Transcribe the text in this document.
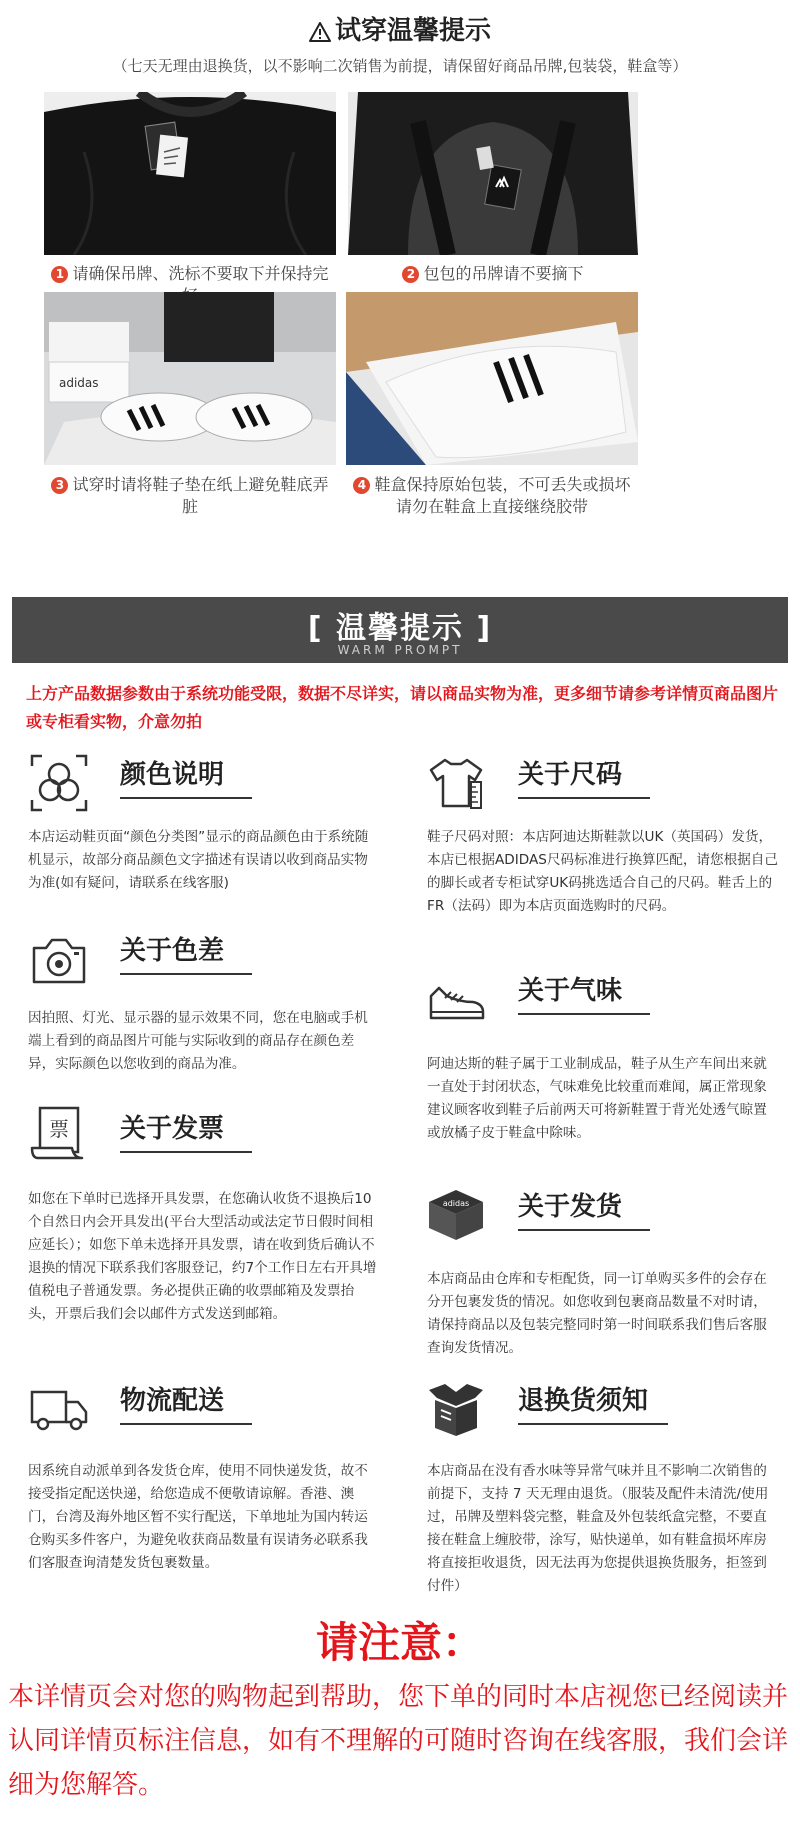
试穿温馨提示
（七天无理由退换货，以不影响二次销售为前提，请保留好商品吊牌,包装袋，鞋盒等）
1 请确保吊牌、洗标不要取下并保持完	2 包包的吊牌请不要摘下
adidas
3 试穿时请将鞋子垫在纸上避免鞋底弄脏
4 鞋盒保持原始包装，不可丢失或损坏
请勿在鞋盒上直接继绕胶带
[ 温馨提示 ]
WARM PROMPT
上方产品数据参数由于系统功能受限，数据不尽详实，请以商品实物为准，更多细节请参考详情页商品图片或专柜看实物，介意勿拍
颜色说明
本店运动鞋页面“颜色分类图”显示的商品颜色由于系统随机显示，故部分商品颜色文字描述有误请以收到商品实物为准(如有疑问，请联系在线客服)
关于色差
因拍照、灯光、显示器的显示效果不同，您在电脑或手机端上看到的商品图片可能与实际收到的商品存在颜色差异，实际颜色以您收到的商品为准。
票 关于发票
如您在下单时已选择开具发票，在您确认收货不退换后10个自然日内会开具发出(平台大型活动或法定节日假时间相应延长）；如您下单未选择开具发票，请在收到货后确认不退换的情况下联系我们客服登记，约7个工作日左右开具增值税电子普通发票。务必提供正确的收票邮箱及发票抬头，开票后我们会以邮件方式发送到邮箱。
物流配送
因系统自动派单到各发货仓库，使用不同快递发货，故不接受指定配送快递，给您造成不便敬请谅解。香港、澳门，台湾及海外地区暂不实行配送，下单地址为国内转运仓购买多件客户，为避免收获商品数量有误请务必联系我们客服查询清楚发货包裹数量。
关于尺码
鞋子尺码对照：本店阿迪达斯鞋款以UK（英国码）发货，本店已根据ADIDAS尺码标准进行换算匹配，请您根据自己的脚长或者专柜试穿UK码挑选适合自己的尺码。鞋舌上的FR（法码）即为本店页面选购时的尺码。
关于气味
阿迪达斯的鞋子属于工业制成品，鞋子从生产车间出来就一直处于封闭状态，气味难免比较重而难闻，属正常现象建议顾客收到鞋子后前两天可将新鞋置于背光处透气晾置或放橘子皮于鞋盒中除味。
adidas 关于发货
本店商品由仓库和专柜配货，同一订单购买多件的会存在分开包裹发货的情况。如您收到包裹商品数量不对时请，请保持商品以及包装完整同时第一时间联系我们售后客服查询发货情况。
退换货须知
本店商品在没有香水味等异常气味并且不影响二次销售的前提下，支持 7 天无理由退货。（服装及配件未清洗/使用过，吊牌及塑料袋完整，鞋盒及外包装纸盒完整，不要直接在鞋盒上缠胶带，涂写，贴快递单，如有鞋盒损坏库房将直接拒收退货，因无法再为您提供退换货服务，拒签到付件）
请注意：
本详情页会对您的购物起到帮助，您下单的同时本店视您已经阅读并认同详情页标注信息，如有不理解的可随时咨询在线客服，我们会详细为您解答。
